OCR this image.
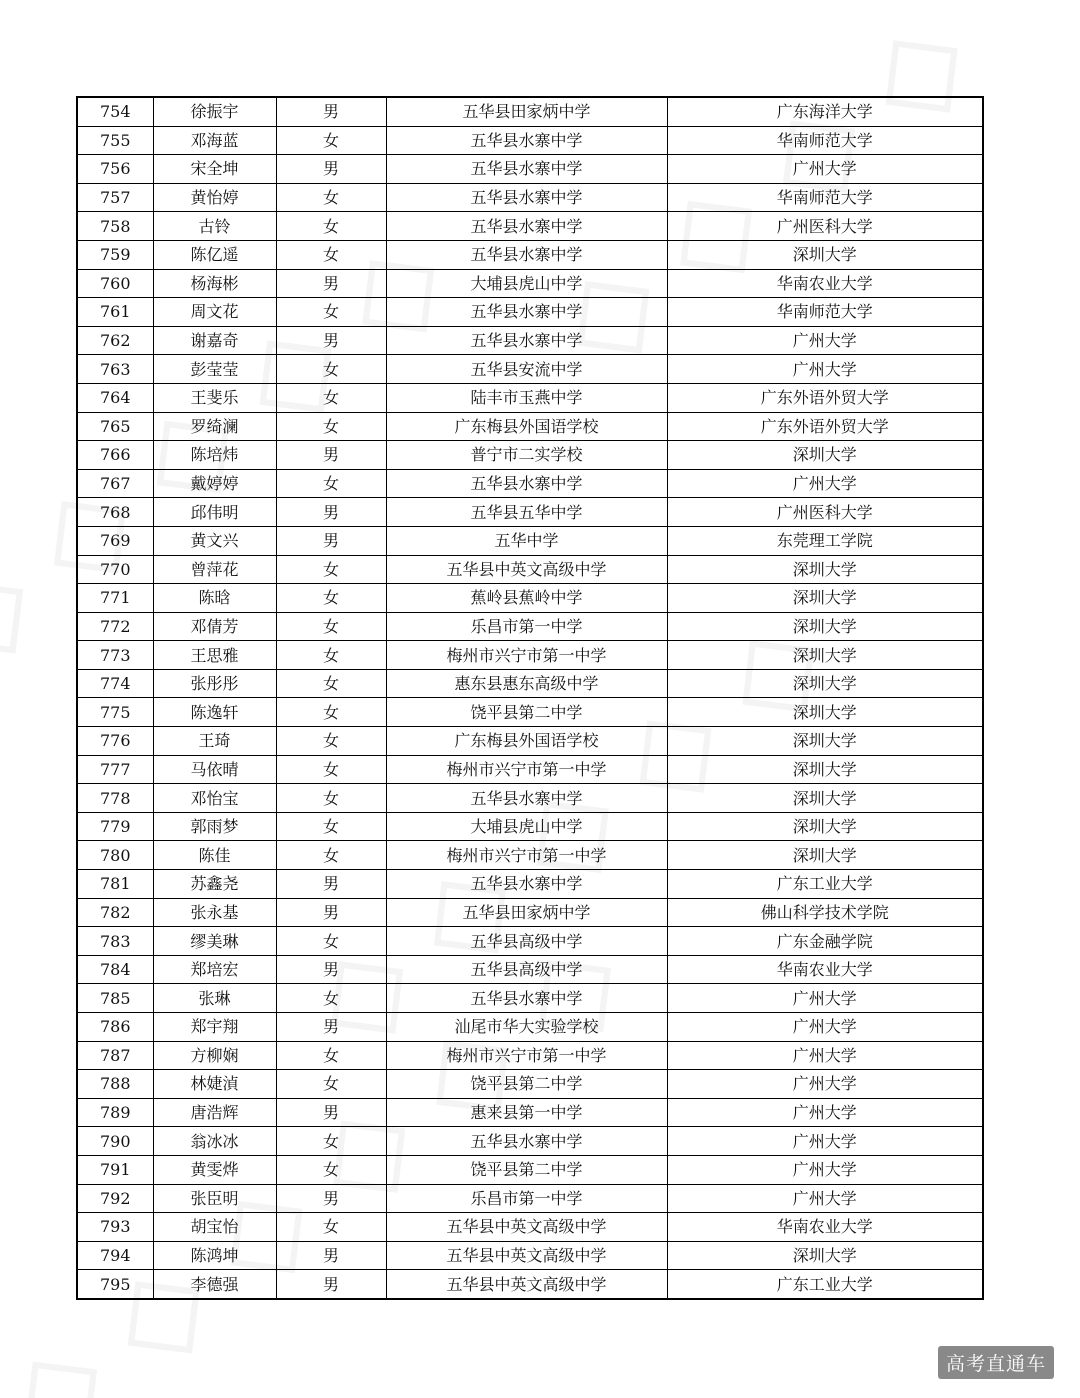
754	徐振宇	男	五华县田家炳中学	广东海洋大学
755	邓海蓝	女	五华县水寨中学	华南师范大学
756	宋全坤	男	五华县水寨中学	广州大学
757	黄怡婷	女	五华县水寨中学	华南师范大学
758	古铃	女	五华县水寨中学	广州医科大学
759	陈亿遥	女	五华县水寨中学	深圳大学
760	杨海彬	男	大埔县虎山中学	华南农业大学
761	周文花	女	五华县水寨中学	华南师范大学
762	谢嘉奇	男	五华县水寨中学	广州大学
763	彭莹莹	女	五华县安流中学	广州大学
764	王斐乐	女	陆丰市玉燕中学	广东外语外贸大学
765	罗绮澜	女	广东梅县外国语学校	广东外语外贸大学
766	陈培炜	男	普宁市二实学校	深圳大学
767	戴婷婷	女	五华县水寨中学	广州大学
768	邱伟明	男	五华县五华中学	广州医科大学
769	黄文兴	男	五华中学	东莞理工学院
770	曾萍花	女	五华县中英文高级中学	深圳大学
771	陈晗	女	蕉岭县蕉岭中学	深圳大学
772	邓倩芳	女	乐昌市第一中学	深圳大学
773	王思雅	女	梅州市兴宁市第一中学	深圳大学
774	张彤彤	女	惠东县惠东高级中学	深圳大学
775	陈逸轩	女	饶平县第二中学	深圳大学
776	王琦	女	广东梅县外国语学校	深圳大学
777	马依晴	女	梅州市兴宁市第一中学	深圳大学
778	邓怡宝	女	五华县水寨中学	深圳大学
779	郭雨梦	女	大埔县虎山中学	深圳大学
780	陈佳	女	梅州市兴宁市第一中学	深圳大学
781	苏鑫尧	男	五华县水寨中学	广东工业大学
782	张永基	男	五华县田家炳中学	佛山科学技术学院
783	缪美琳	女	五华县高级中学	广东金融学院
784	郑培宏	男	五华县高级中学	华南农业大学
785	张琳	女	五华县水寨中学	广州大学
786	郑宇翔	男	汕尾市华大实验学校	广州大学
787	方柳娴	女	梅州市兴宁市第一中学	广州大学
788	林婕湞	女	饶平县第二中学	广州大学
789	唐浩辉	男	惠来县第一中学	广州大学
790	翁冰冰	女	五华县水寨中学	广州大学
791	黄雯烨	女	饶平县第二中学	广州大学
792	张臣明	男	乐昌市第一中学	广州大学
793	胡宝怡	女	五华县中英文高级中学	华南农业大学
794	陈鸿坤	男	五华县中英文高级中学	深圳大学
795	李德强	男	五华县中英文高级中学	广东工业大学
高考直通车
